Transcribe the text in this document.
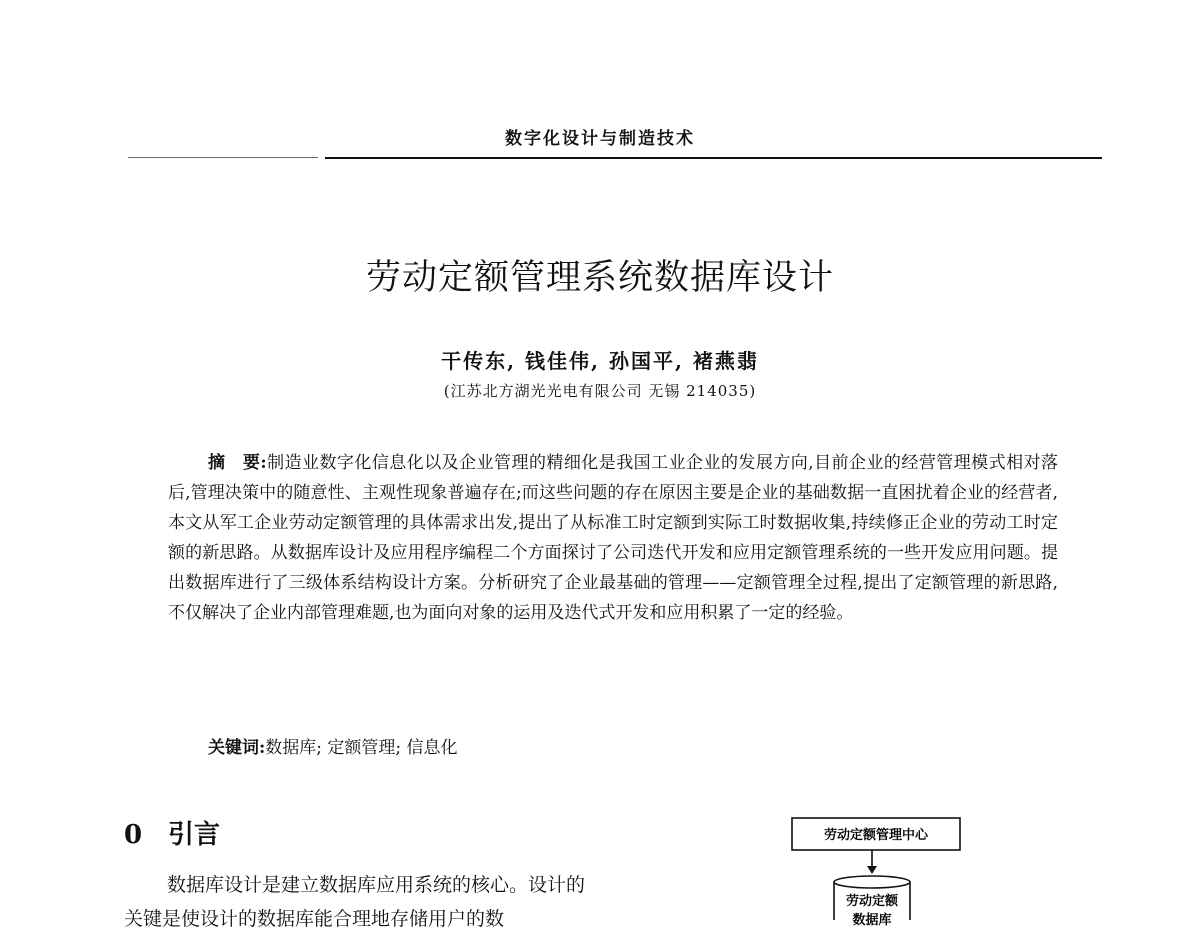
数字化设计与制造技术
劳动定额管理系统数据库设计
干传东, 钱佳伟, 孙国平, 褚燕翡
(江苏北方湖光光电有限公司 无锡 214035)

摘　要:制造业数字化信息化以及企业管理的精细化是我国工业企业的发展方向,目前企业的经营管理模式相对落后,管理决策中的随意性、主观性现象普遍存在;而这些问题的存在原因主要是企业的基础数据一直困扰着企业的经营者,本文从军工企业劳动定额管理的具体需求出发,提出了从标准工时定额到实际工时数据收集,持续修正企业的劳动工时定额的新思路。从数据库设计及应用程序编程二个方面探讨了公司迭代开发和应用定额管理系统的一些开发应用问题。提出数据库进行了三级体系结构设计方案。分析研究了企业最基础的管理——定额管理全过程,提出了定额管理的新思路,不仅解决了企业内部管理难题,也为面向对象的运用及迭代式开发和应用积累了一定的经验。

关键词:数据库; 定额管理; 信息化
0 引言

数据库设计是建立数据库应用系统的核心。设计的关键是使设计的数据库能合理地存储用户的数

劳动定额管理中心
劳动定额
数据库
